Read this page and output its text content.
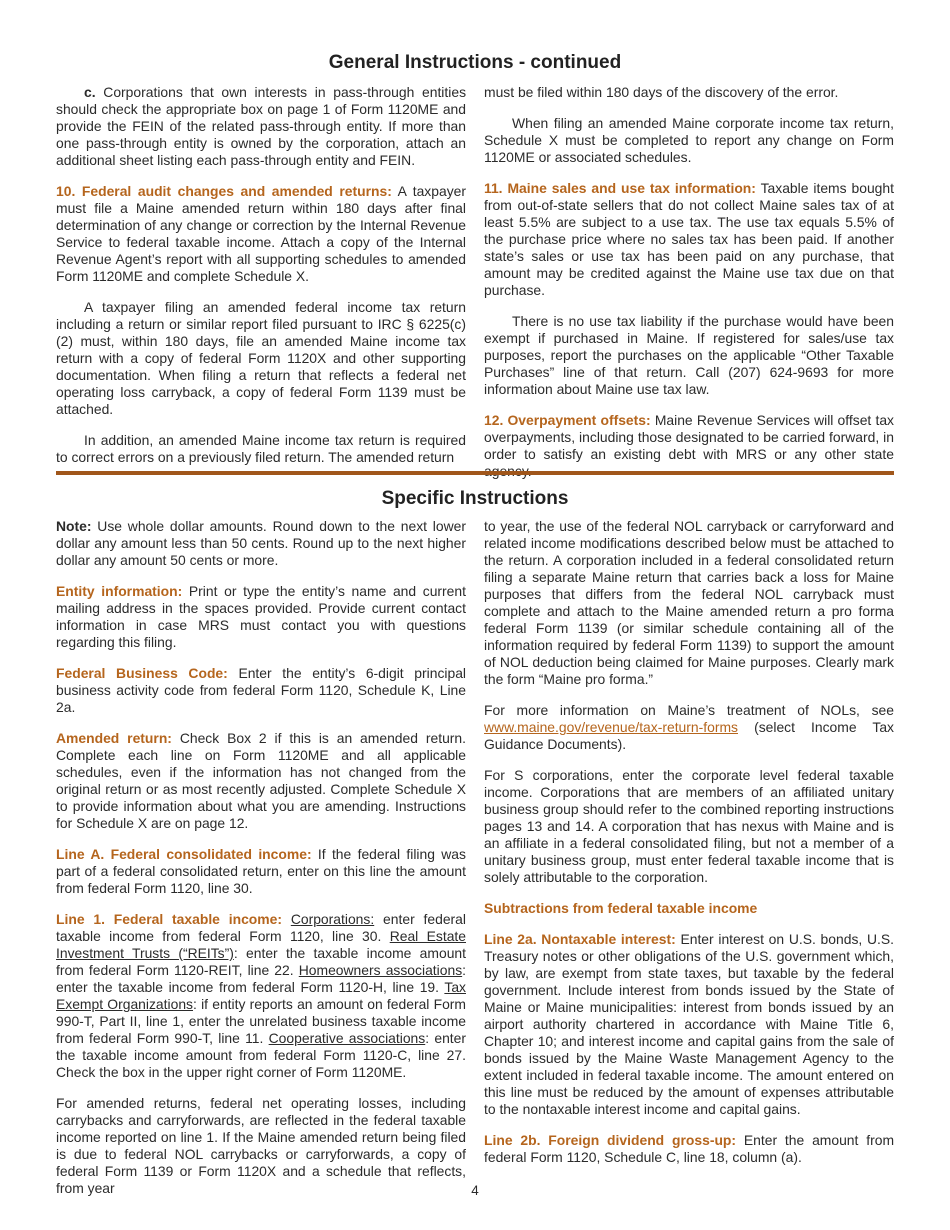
General Instructions - continued

c. Corporations that own interests in pass-through entities should check the appropriate box on page 1 of Form 1120ME and provide the FEIN of the related pass-through entity. If more than one pass-through entity is owned by the corporation, attach an additional sheet listing each pass-through entity and FEIN.

10. Federal audit changes and amended returns: A taxpayer must file a Maine amended return within 180 days after final determination of any change or correction by the Internal Revenue Service to federal taxable income. Attach a copy of the Internal Revenue Agent’s report with all supporting schedules to amended Form 1120ME and complete Schedule X.

A taxpayer filing an amended federal income tax return including a return or similar report filed pursuant to IRC § 6225(c)(2) must, within 180 days, file an amended Maine income tax return with a copy of federal Form 1120X and other supporting documentation. When filing a return that reflects a federal net operating loss carryback, a copy of federal Form 1139 must be attached.

In addition, an amended Maine income tax return is required to correct errors on a previously filed return. The amended return

must be filed within 180 days of the discovery of the error.

When filing an amended Maine corporate income tax return, Schedule X must be completed to report any change on Form 1120ME or associated schedules.

11. Maine sales and use tax information: Taxable items bought from out-of-state sellers that do not collect Maine sales tax of at least 5.5% are subject to a use tax. The use tax equals 5.5% of the purchase price where no sales tax has been paid. If another state’s sales or use tax has been paid on any purchase, that amount may be credited against the Maine use tax due on that purchase.

There is no use tax liability if the purchase would have been exempt if purchased in Maine. If registered for sales/use tax purposes, report the purchases on the applicable “Other Taxable Purchases” line of that return. Call (207) 624-9693 for more information about Maine use tax law.

12. Overpayment offsets: Maine Revenue Services will offset tax overpayments, including those designated to be carried forward, in order to satisfy an existing debt with MRS or any other state

Specific Instructions

Note: Use whole dollar amounts. Round down to the next lower dollar any amount less than 50 cents. Round up to the next higher dollar any amount 50 cents or more.

Entity information: Print or type the entity’s name and current mailing address in the spaces provided. Provide current contact information in case MRS must contact you with questions regarding this filing.

Federal Business Code: Enter the entity’s 6-digit principal business activity code from federal Form 1120, Schedule K, Line 2a.

Amended return: Check Box 2 if this is an amended return. Complete each line on Form 1120ME and all applicable schedules, even if the information has not changed from the original return or as most recently adjusted. Complete Schedule X to provide information about what you are amending. Instructions for Schedule X are on page 12.

Line A. Federal consolidated income: If the federal filing was part of a federal consolidated return, enter on this line the amount from federal Form 1120, line 30.

Line 1. Federal taxable income: Corporations: enter federal taxable income from federal Form 1120, line 30. Real Estate Investment Trusts (“REITs”): enter the taxable income amount from federal Form 1120-REIT, line 22. Homeowners associations: enter the taxable income from federal Form 1120-H, line 19. Tax Exempt Organizations: if entity reports an amount on federal Form 990-T, Part II, line 1, enter the unrelated business taxable income from federal Form 990-T, line 11. Cooperative associations: enter the taxable income amount from federal Form 1120-C, line 27. Check the box in the upper right corner of Form 1120ME.

For amended returns, federal net operating losses, including carrybacks and carryforwards, are reflected in the federal taxable income reported on line 1. If the Maine amended return being filed is due to federal NOL carrybacks or carryforwards, a copy of federal Form 1139 or Form 1120X and a schedule that reflects, from year

to year, the use of the federal NOL carryback or carryforward and related income modifications described below must be attached to the return. A corporation included in a federal consolidated return filing a separate Maine return that carries back a loss for Maine purposes that differs from the federal NOL carryback must complete and attach to the Maine amended return a pro forma federal Form 1139 (or similar schedule containing all of the information required by federal Form 1139) to support the amount of NOL deduction being claimed for Maine purposes. Clearly mark the form “Maine pro forma.”

For more information on Maine’s treatment of NOLs, see www.maine.gov/revenue/tax-return-forms (select Income Tax Guidance Documents).

For S corporations, enter the corporate level federal taxable income. Corporations that are members of an affiliated unitary business group should refer to the combined reporting instructions pages 13 and 14. A corporation that has nexus with Maine and is an affiliate in a federal consolidated filing, but not a member of a unitary business group, must enter federal taxable income that is solely attributable to the corporation.

Subtractions from federal taxable income

Line 2a. Nontaxable interest: Enter interest on U.S. bonds, U.S. Treasury notes or other obligations of the U.S. government which, by law, are exempt from state taxes, but taxable by the federal government. Include interest from bonds issued by the State of Maine or Maine municipalities: interest from bonds issued by an airport authority chartered in accordance with Maine Title 6, Chapter 10; and interest income and capital gains from the sale of bonds issued by the Maine Waste Management Agency to the extent included in federal taxable income. The amount entered on this line must be reduced by the amount of expenses attributable to the nontaxable interest income and capital gains.

Line 2b. Foreign dividend gross-up: Enter the amount from federal Form 1120, Schedule C, line 18, column (a).

4
